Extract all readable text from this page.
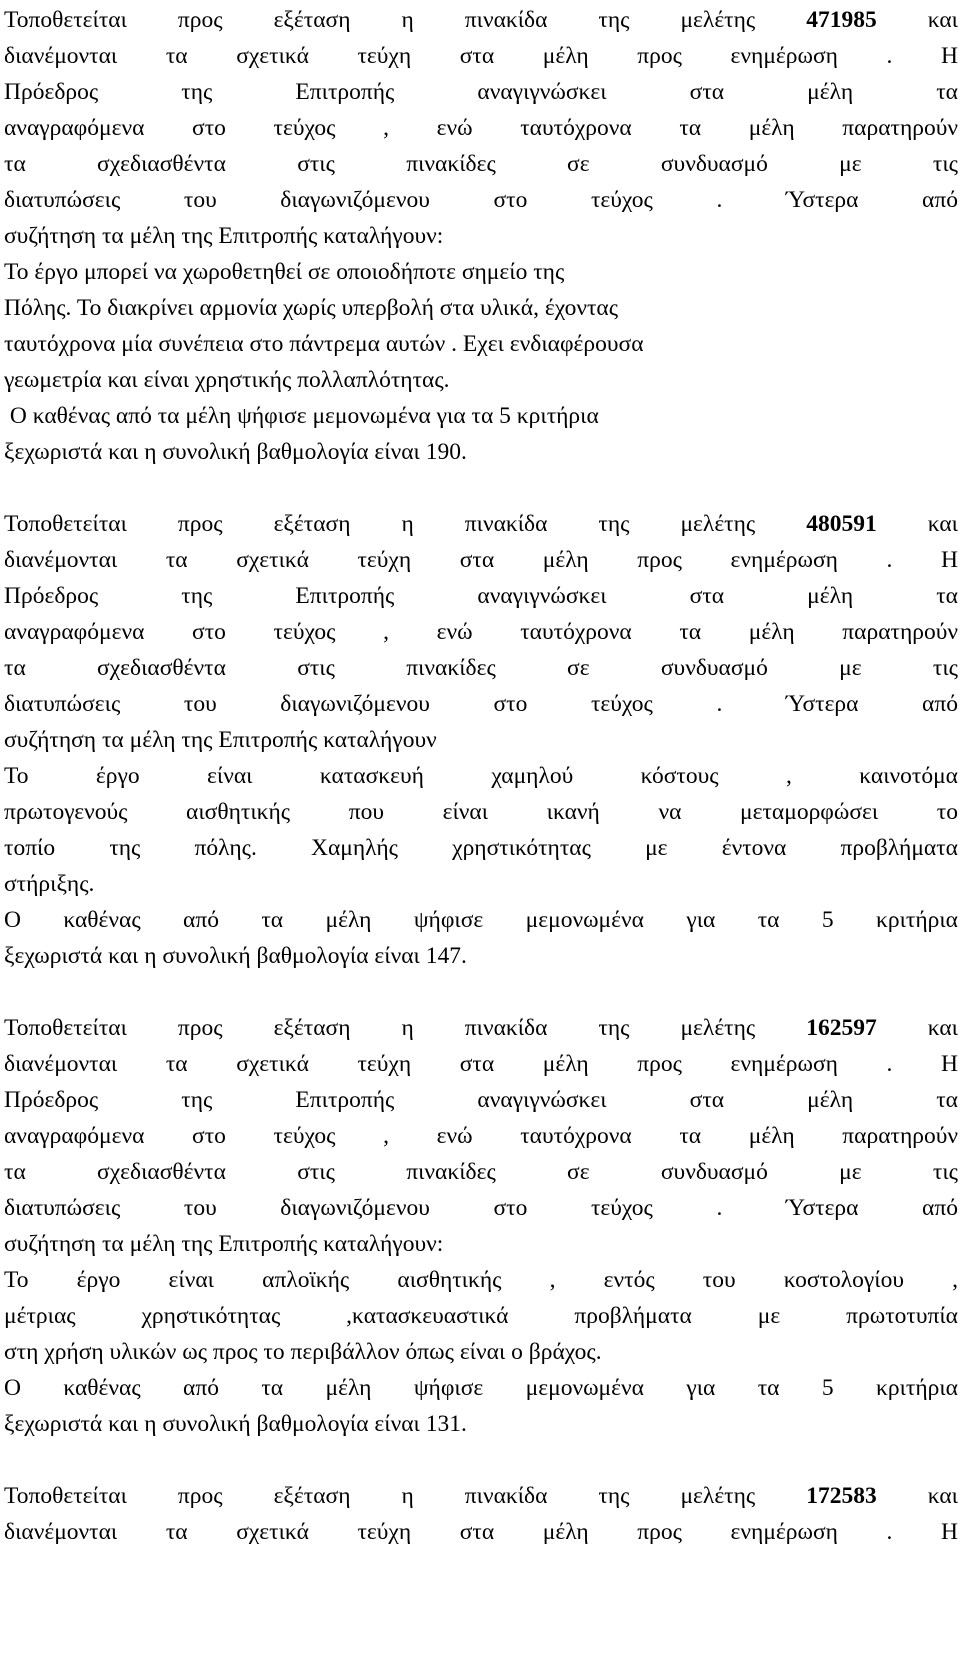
Τοποθετείται προς εξέταση η πινακίδα της μελέτης 471985 και
διανέμονται τα σχετικά τεύχη στα μέλη προς ενημέρωση . Η
Πρόεδρος της Επιτροπής αναγιγνώσκει στα μέλη τα
αναγραφόμενα στο τεύχος , ενώ ταυτόχρονα τα μέλη παρατηρούν
τα σχεδιασθέντα στις πινακίδες σε συνδυασμό με τις
διατυπώσεις του διαγωνιζόμενου στο τεύχος . Ύστερα από
συζήτηση τα μέλη της Επιτροπής καταλήγουν:
Το έργο μπορεί να χωροθετηθεί σε οποιοδήποτε σημείο της
Πόλης. Το διακρίνει αρμονία χωρίς υπερβολή στα υλικά, έχοντας
ταυτόχρονα μία συνέπεια στο πάντρεμα αυτών . Εχει ενδιαφέρουσα
γεωμετρία και είναι χρηστικής πολλαπλότητας.
Ο καθένας από τα μέλη ψήφισε μεμονωμένα για τα 5 κριτήρια
ξεχωριστά και η συνολική βαθμολογία είναι 190.
Τοποθετείται προς εξέταση η πινακίδα της μελέτης 480591 και
διανέμονται τα σχετικά τεύχη στα μέλη προς ενημέρωση . Η
Πρόεδρος της Επιτροπής αναγιγνώσκει στα μέλη τα
αναγραφόμενα στο τεύχος , ενώ ταυτόχρονα τα μέλη παρατηρούν
τα σχεδιασθέντα στις πινακίδες σε συνδυασμό με τις
διατυπώσεις του διαγωνιζόμενου στο τεύχος . Ύστερα από
συζήτηση τα μέλη της Επιτροπής καταλήγουν
Το έργο είναι κατασκευή χαμηλού κόστους , καινοτόμα
πρωτογενούς αισθητικής που είναι ικανή να μεταμορφώσει το
τοπίο της πόλης. Χαμηλής χρηστικότητας με έντονα προβλήματα
στήριξης.
Ο καθένας από τα μέλη ψήφισε μεμονωμένα για τα 5 κριτήρια
ξεχωριστά και η συνολική βαθμολογία είναι 147.
Τοποθετείται προς εξέταση η πινακίδα της μελέτης 162597 και
διανέμονται τα σχετικά τεύχη στα μέλη προς ενημέρωση . Η
Πρόεδρος της Επιτροπής αναγιγνώσκει στα μέλη τα
αναγραφόμενα στο τεύχος , ενώ ταυτόχρονα τα μέλη παρατηρούν
τα σχεδιασθέντα στις πινακίδες σε συνδυασμό με τις
διατυπώσεις του διαγωνιζόμενου στο τεύχος . Ύστερα από
συζήτηση τα μέλη της Επιτροπής καταλήγουν:
Το έργο είναι απλοϊκής αισθητικής , εντός του κοστολογίου ,
μέτριας χρηστικότητας ,κατασκευαστικά προβλήματα με πρωτοτυπία
στη χρήση υλικών ως προς το περιβάλλον όπως είναι ο βράχος.
Ο καθένας από τα μέλη ψήφισε μεμονωμένα για τα 5 κριτήρια
ξεχωριστά και η συνολική βαθμολογία είναι 131.
Τοποθετείται προς εξέταση η πινακίδα της μελέτης 172583 και
διανέμονται τα σχετικά τεύχη στα μέλη προς ενημέρωση . Η
